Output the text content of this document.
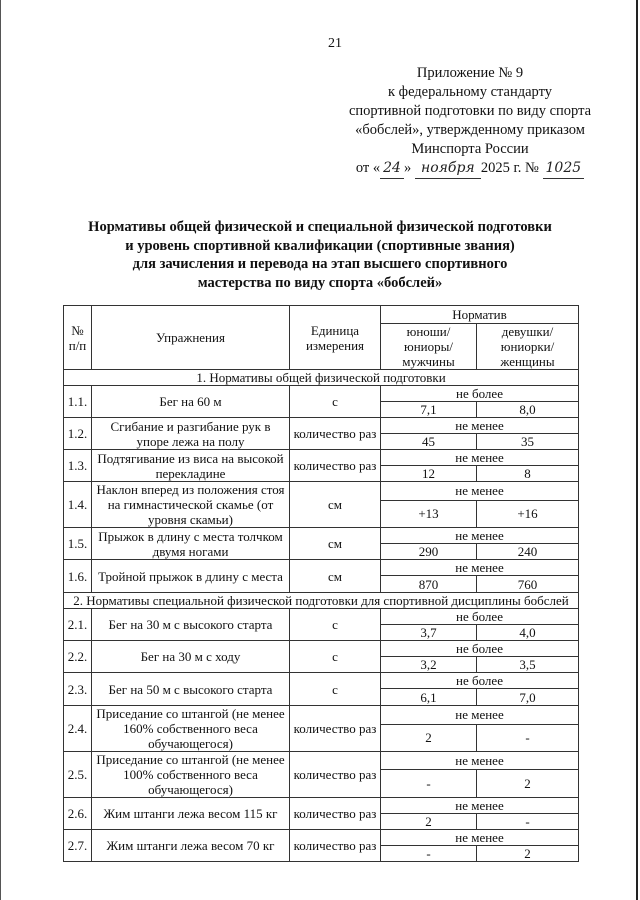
21
Приложение № 9
к федеральному стандарту
спортивной подготовки по виду спорта
«бобслей», утвержденному приказом
Минспорта России
от « 24 » ноября 2025 г. № 1025
Нормативы общей физической и специальной физической подготовки
и уровень спортивной квалификации (спортивные звания)
для зачисления и перевода на этап высшего спортивного
мастерства по виду спорта «бобслей»
№ п/п	Упражнения	Единица измерения	Норматив	
			юноши/ юниоры/ мужчины	девушки/ юниорки/ женщины
1. Нормативы общей физической подготовки				
1.1.	Бег на 60 м	с	не более	
			7,1	8,0
1.2.	Сгибание и разгибание рук в упоре лежа на полу	количество раз	не менее	
			45	35
1.3.	Подтягивание из виса на высокой перекладине	количество раз	не менее	
			12	8
1.4.	Наклон вперед из положения стоя на гимнастической скамье (от уровня скамьи)	см	не менее	
			+13	+16
1.5.	Прыжок в длину с места толчком двумя ногами	см	не менее	
			290	240
1.6.	Тройной прыжок в длину с места	см	не менее	
			870	760
2. Нормативы специальной физической подготовки для спортивной дисциплины бобслей				
2.1.	Бег на 30 м с высокого старта	с	не более	
			3,7	4,0
2.2.	Бег на 30 м с ходу	с	не более	
			3,2	3,5
2.3.	Бег на 50 м с высокого старта	с	не более	
			6,1	7,0
2.4.	Приседание со штангой (не менее 160% собственного веса обучающегося)	количество раз	не менее	
			2	-
2.5.	Приседание со штангой (не менее 100% собственного веса обучающегося)	количество раз	не менее	
			-	2
2.6.	Жим штанги лежа весом 115 кг	количество раз	не менее	
			2	-
2.7.	Жим штанги лежа весом 70 кг	количество раз	не менее	
			-	2
